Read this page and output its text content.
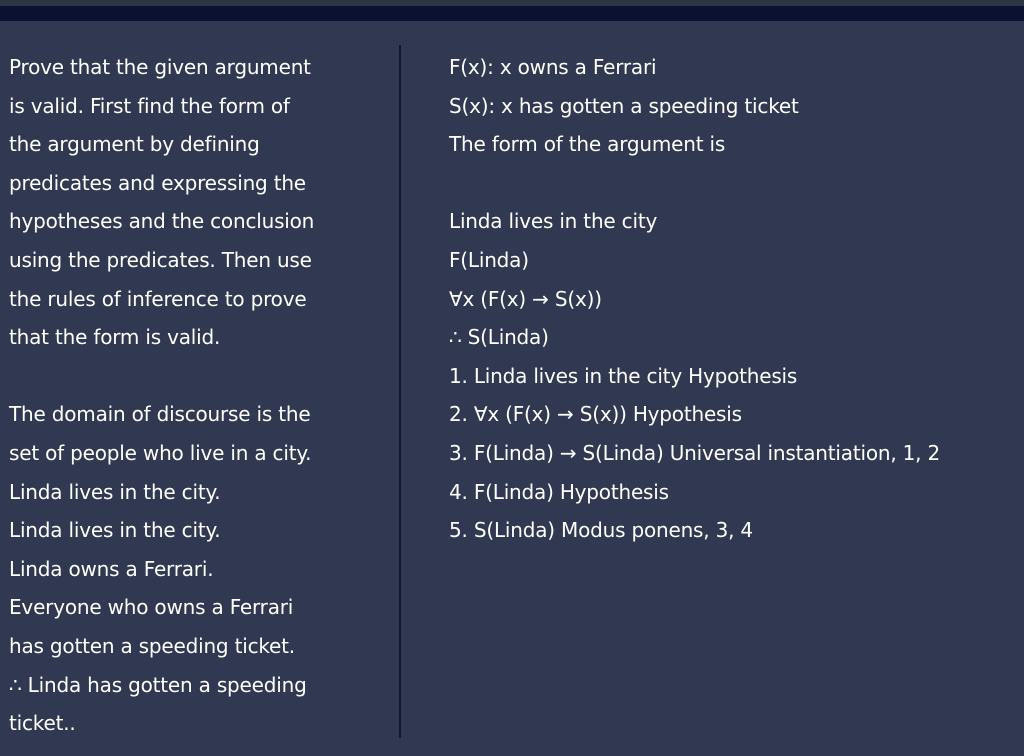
Prove that the given argument
is valid. First find the form of
the argument by defining
predicates and expressing the
hypotheses and the conclusion
using the predicates. Then use
the rules of inference to prove
that the form is valid.
The domain of discourse is the
set of people who live in a city.
Linda lives in the city.
Linda lives in the city.
Linda owns a Ferrari.
Everyone who owns a Ferrari
has gotten a speeding ticket.
∴ Linda has gotten a speeding
ticket..
F(x): x owns a Ferrari
S(x): x has gotten a speeding ticket
The form of the argument is
Linda lives in the city
F(Linda)
∀x (F(x) → S(x))
∴ S(Linda)
1. Linda lives in the city Hypothesis
2. ∀x (F(x) → S(x)) Hypothesis
3. F(Linda) → S(Linda) Universal instantiation, 1, 2
4. F(Linda) Hypothesis
5. S(Linda) Modus ponens, 3, 4
